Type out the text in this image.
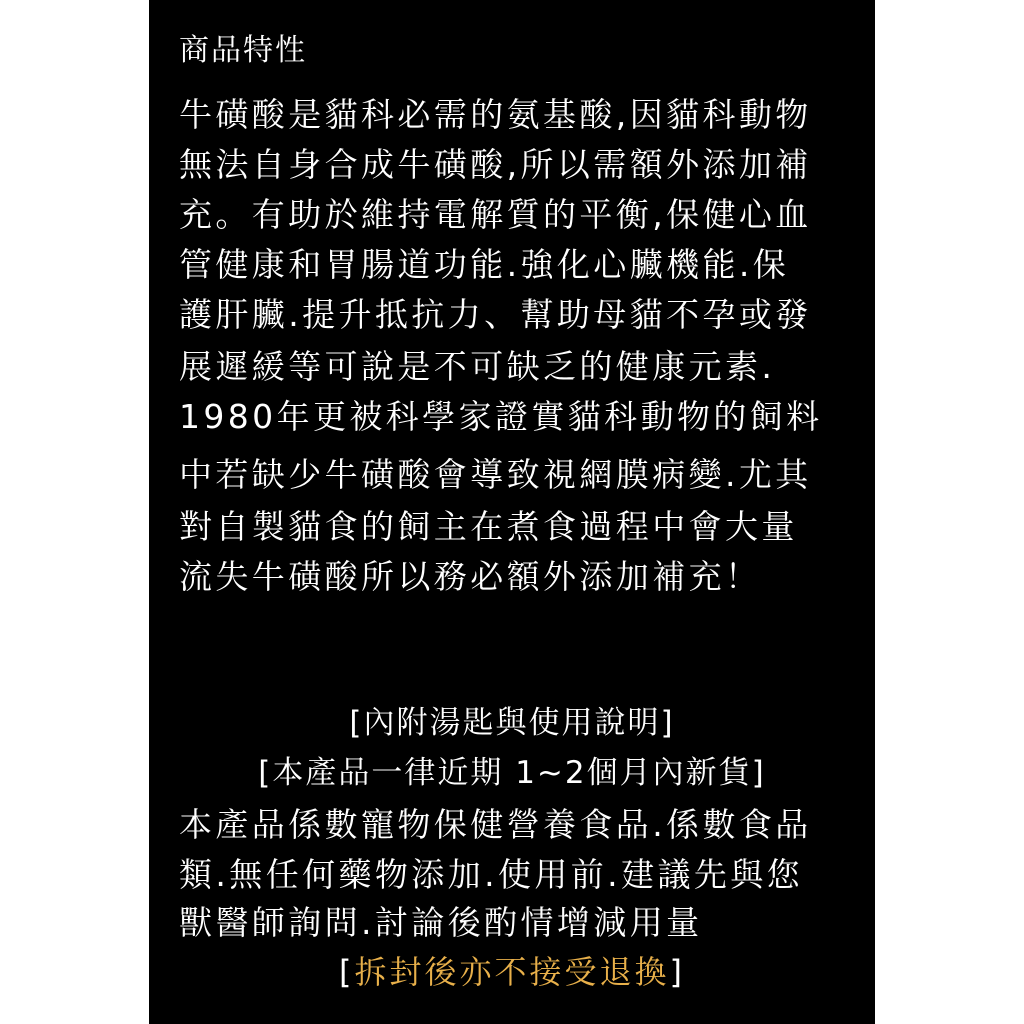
商品特性

牛磺酸是貓科必需的氨基酸,因貓科動物

無法自身合成牛磺酸,所以需額外添加補

充。有助於維持電解質的平衡,保健心血

管健康和胃腸道功能.強化心臟機能.保

護肝臟.提升抵抗力、幫助母貓不孕或發

展遲緩等可說是不可缺乏的健康元素.

1980年更被科學家證實貓科動物的飼料

中若缺少牛磺酸會導致視網膜病變.尤其

對自製貓食的飼主在煮食過程中會大量

流失牛磺酸所以務必額外添加補充！

[內附湯匙與使用說明]

[本產品一律近期 1~2個月內新貨]

本產品係數寵物保健營養食品.係數食品

類.無任何藥物添加.使用前.建議先與您

獸醫師詢問.討論後酌情增減用量

[拆封後亦不接受退換]
